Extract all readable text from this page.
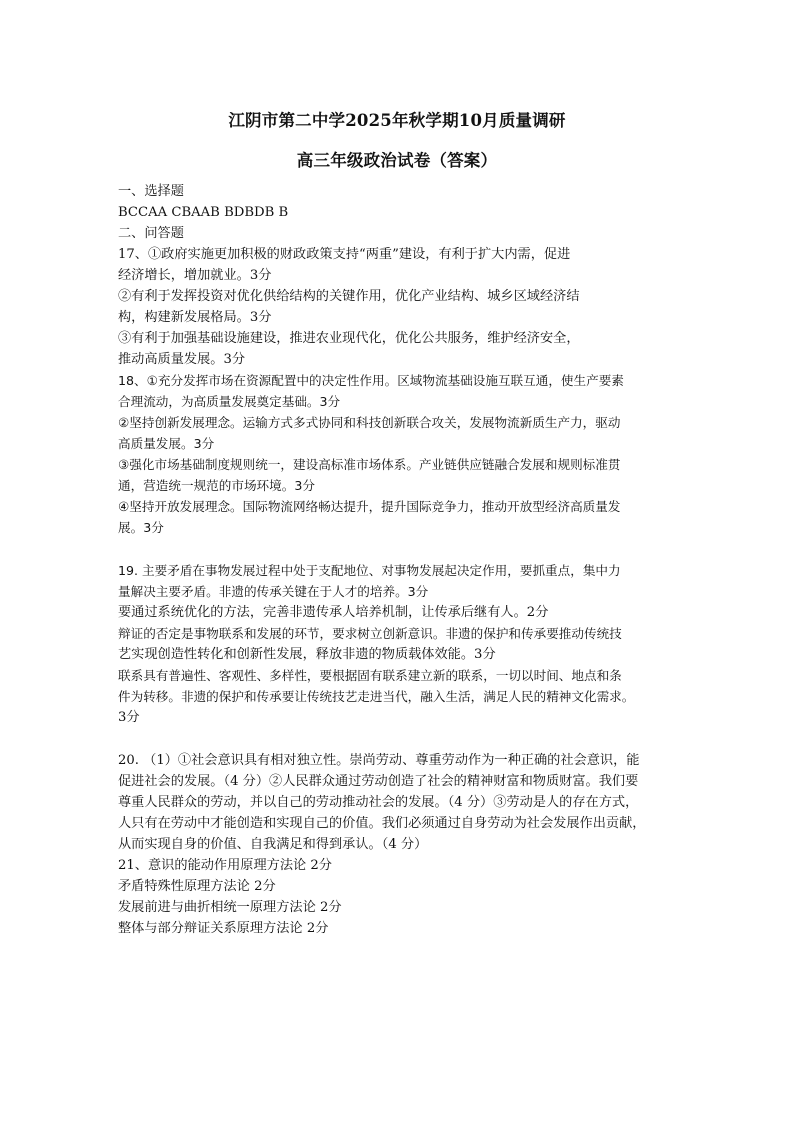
江阴市第二中学2025年秋学期10月质量调研
高三年级政治试卷（答案）
一、选择题
BCCAA CBAAB BDBDB B
二、问答题
17、①政府实施更加积极的财政政策支持“两重”建设，有利于扩大内需，促进
经济增长，增加就业。3分
②有利于发挥投资对优化供给结构的关键作用，优化产业结构、城乡区域经济结
构，构建新发展格局。3分
③有利于加强基础设施建设，推进农业现代化，优化公共服务，维护经济安全，
推动高质量发展。3分
18、①充分发挥市场在资源配置中的决定性作用。区域物流基础设施互联互通，使生产要素
合理流动，为高质量发展奠定基础。3分
②坚持创新发展理念。运输方式多式协同和科技创新联合攻关，发展物流新质生产力，驱动
高质量发展。3分
③强化市场基础制度规则统一，建设高标准市场体系。产业链供应链融合发展和规则标准贯
通，营造统一规范的市场环境。3分
④坚持开放发展理念。国际物流网络畅达提升，提升国际竞争力，推动开放型经济高质量发
展。3分
19. 主要矛盾在事物发展过程中处于支配地位、对事物发展起决定作用，要抓重点，集中力
量解决主要矛盾。非遗的传承关键在于人才的培养。3分
要通过系统优化的方法，完善非遗传承人培养机制，让传承后继有人。2分
辩证的否定是事物联系和发展的环节，要求树立创新意识。非遗的保护和传承要推动传统技
艺实现创造性转化和创新性发展，释放非遗的物质载体效能。3分
联系具有普遍性、客观性、多样性，要根据固有联系建立新的联系，一切以时间、地点和条
件为转移。非遗的保护和传承要让传统技艺走进当代，融入生活，满足人民的精神文化需求。
3分
20. （1）①社会意识具有相对独立性。崇尚劳动、尊重劳动作为一种正确的社会意识，能
促进社会的发展。（4 分）②人民群众通过劳动创造了社会的精神财富和物质财富。我们要
尊重人民群众的劳动，并以自己的劳动推动社会的发展。（4 分）③劳动是人的存在方式，
人只有在劳动中才能创造和实现自己的价值。我们必须通过自身劳动为社会发展作出贡献，
从而实现自身的价值、自我满足和得到承认。（4 分）
21、意识的能动作用原理方法论 2分
矛盾特殊性原理方法论 2分
发展前进与曲折相统一原理方法论 2分
整体与部分辩证关系原理方法论 2分
